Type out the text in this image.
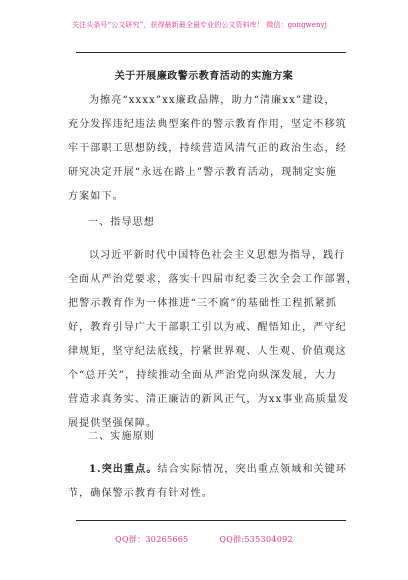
关注头条号“公文研究”，获得最新最全最专业的公文资料库！ 微信：gongwenyj
关于开展廉政警示教育活动的实施方案
为擦亮“xxxx”xx廉政品牌，助力“清廉xx”建设，
充分发挥违纪违法典型案件的警示教育作用，坚定不移筑
牢干部职工思想防线，持续营造风清气正的政治生态，经
研究决定开展“永远在路上”警示教育活动，现制定实施
方案如下。
一、指导思想
以习近平新时代中国特色社会主义思想为指导，践行
全面从严治党要求，落实十四届市纪委三次全会工作部署，
把警示教育作为一体推进“三不腐”的基础性工程抓紧抓
好，教育引导广大干部职工引以为戒、醒悟知止，严守纪
律规矩，坚守纪法底线，拧紧世界观、人生观、价值观这
个“总开关”，持续推动全面从严治党向纵深发展，大力
营造求真务实、清正廉洁的新风正气，为xx事业高质量发
展提供坚强保障。
二、实施原则
1.突出重点。结合实际情况，突出重点领域和关键环
节，确保警示教育有针对性。
QQ群：30265665	QQ群:535304092
